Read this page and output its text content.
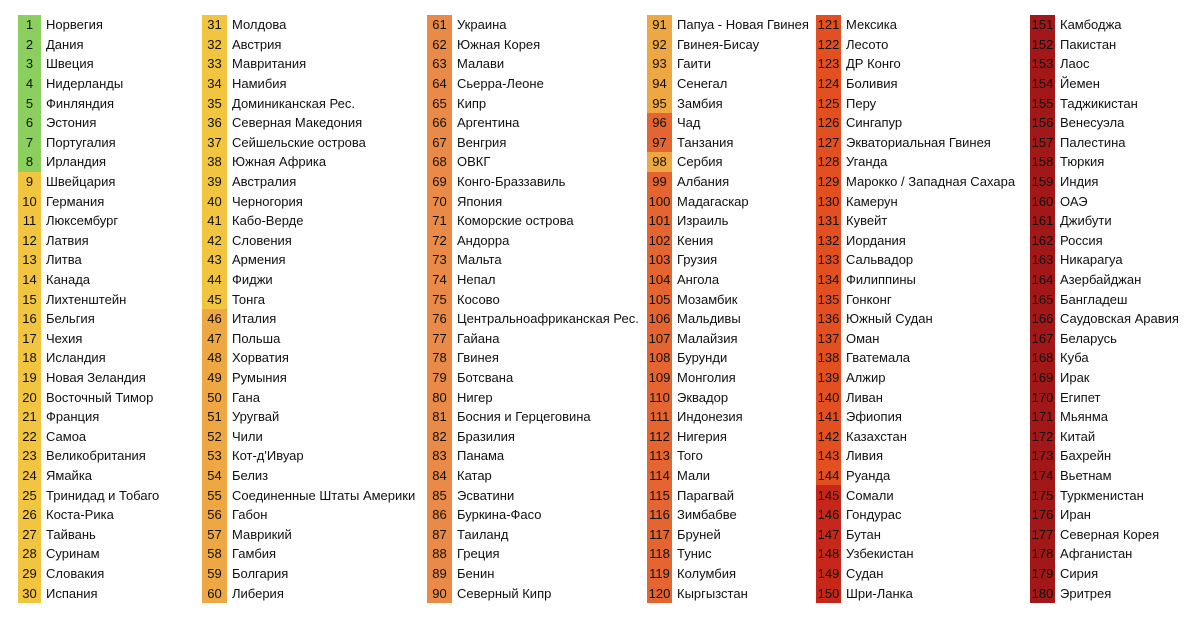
1 Норвегия
2 Дания
3 Швеция
4 Нидерланды
5 Финляндия
6 Эстония
7 Португалия
8 Ирландия
9 Швейцария
10 Германия
11 Люксембург
12 Латвия
13 Литва
14 Канада
15 Лихтенштейн
16 Бельгия
17 Чехия
18 Исландия
19 Новая Зеландия
20 Восточный Тимор
21 Франция
22 Самоа
23 Великобритания
24 Ямайка
25 Тринидад и Тобаго
26 Коста-Рика
27 Тайвань
28 Суринам
29 Словакия
30 Испания
31 Молдова
32 Австрия
33 Мавритания
34 Намибия
35 Доминиканская Рес.
36 Северная Македония
37 Сейшельские острова
38 Южная Африка
39 Австралия
40 Черногория
41 Кабо-Верде
42 Словения
43 Армения
44 Фиджи
45 Тонга
46 Италия
47 Польша
48 Хорватия
49 Румыния
50 Гана
51 Уругвай
52 Чили
53 Кот-д'Ивуар
54 Белиз
55 Соединенные Штаты Америки
56 Габон
57 Маврикий
58 Гамбия
59 Болгария
60 Либерия
61 Украина
62 Южная Корея
63 Малави
64 Сьерра-Леоне
65 Кипр
66 Аргентина
67 Венгрия
68 ОВКГ
69 Конго-Браззавиль
70 Япония
71 Коморские острова
72 Андорра
73 Мальта
74 Непал
75 Косово
76 Центральноафриканская Рес.
77 Гайана
78 Гвинея
79 Ботсвана
80 Нигер
81 Босния и Герцеговина
82 Бразилия
83 Панама
84 Катар
85 Эсватини
86 Буркина-Фасо
87 Таиланд
88 Греция
89 Бенин
90 Северный Кипр
91 Папуа - Новая Гвинея
92 Гвинея-Бисау
93 Гаити
94 Сенегал
95 Замбия
96 Чад
97 Танзания
98 Сербия
99 Албания
100 Мадагаскар
101 Израиль
102 Кения
103 Грузия
104 Ангола
105 Мозамбик
106 Мальдивы
107 Малайзия
108 Бурунди
109 Монголия
110 Эквадор
111 Индонезия
112 Нигерия
113 Того
114 Мали
115 Парагвай
116 Зимбабве
117 Бруней
118 Тунис
119 Колумбия
120 Кыргызстан
121 Мексика
122 Лесото
123 ДР Конго
124 Боливия
125 Перу
126 Сингапур
127 Экваториальная Гвинея
128 Уганда
129 Марокко / Западная Сахара
130 Камерун
131 Кувейт
132 Иордания
133 Сальвадор
134 Филиппины
135 Гонконг
136 Южный Судан
137 Оман
138 Гватемала
139 Алжир
140 Ливан
141 Эфиопия
142 Казахстан
143 Ливия
144 Руанда
145 Сомали
146 Гондурас
147 Бутан
148 Узбекистан
149 Судан
150 Шри-Ланка
151 Камбоджа
152 Пакистан
153 Лаос
154 Йемен
155 Таджикистан
156 Венесуэла
157 Палестина
158 Тюркия
159 Индия
160 ОАЭ
161 Джибути
162 Россия
163 Никарагуа
164 Азербайджан
165 Бангладеш
166 Саудовская Аравия
167 Беларусь
168 Куба
169 Ирак
170 Египет
171 Мьянма
172 Китай
173 Бахрейн
174 Вьетнам
175 Туркменистан
176 Иран
177 Северная Корея
178 Афганистан
179 Сирия
180 Эритрея
